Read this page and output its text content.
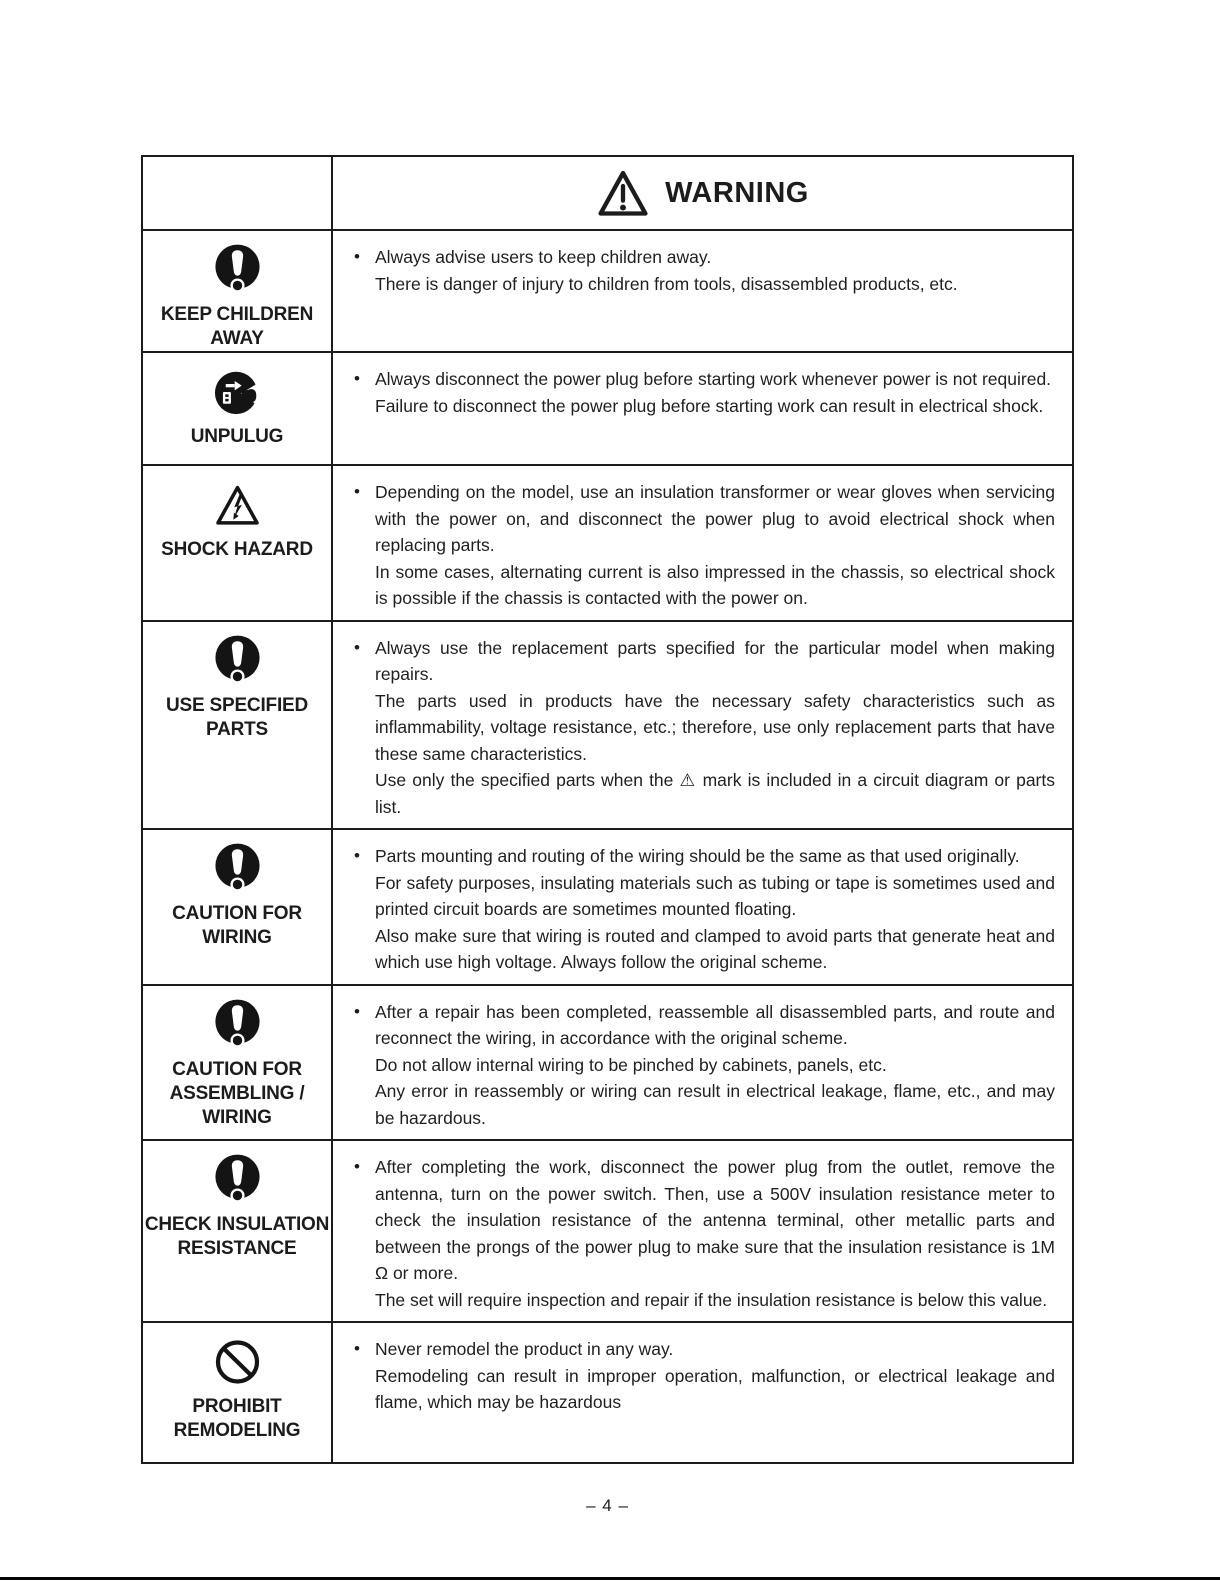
WARNING
KEEP CHILDREN
AWAY
• Always advise users to keep children away.

There is danger of injury to children from tools, disassembled products, etc.

UNPULUG
• Always disconnect the power plug before starting work whenever power is not required.

Failure to disconnect the power plug before starting work can result in electrical shock.

SHOCK HAZARD
• Depending on the model, use an insulation transformer or wear gloves when servicing with the power on, and disconnect the power plug to avoid electrical shock when replacing parts.

In some cases, alternating current is also impressed in the chassis, so electrical shock is possible if the chassis is contacted with the power on.

USE SPECIFIED
PARTS
• Always use the replacement parts specified for the particular model when making repairs.

The parts used in products have the necessary safety characteristics such as inflammability, voltage resistance, etc.; therefore, use only replacement parts that have these same characteristics.

Use only the specified parts when the ⚠ mark is included in a circuit diagram or parts list.

CAUTION FOR
WIRING
• Parts mounting and routing of the wiring should be the same as that used originally.

For safety purposes, insulating materials such as tubing or tape is sometimes used and printed circuit boards are sometimes mounted floating.

Also make sure that wiring is routed and clamped to avoid parts that generate heat and which use high voltage. Always follow the original scheme.

CAUTION FOR
ASSEMBLING /
WIRING
• After a repair has been completed, reassemble all disassembled parts, and route and reconnect the wiring, in accordance with the original scheme.

Do not allow internal wiring to be pinched by cabinets, panels, etc.

Any error in reassembly or wiring can result in electrical leakage, flame, etc., and may be hazardous.

CHECK INSULATION
RESISTANCE
• After completing the work, disconnect the power plug from the outlet, remove the antenna, turn on the power switch. Then, use a 500V insulation resistance meter to check the insulation resistance of the antenna terminal, other metallic parts and between the prongs of the power plug to make sure that the insulation resistance is 1M Ω or more.

The set will require inspection and repair if the insulation resistance is below this value.

PROHIBIT
REMODELING
• Never remodel the product in any way.

Remodeling can result in improper operation, malfunction, or electrical leakage and flame, which may be hazardous

– 4 –
